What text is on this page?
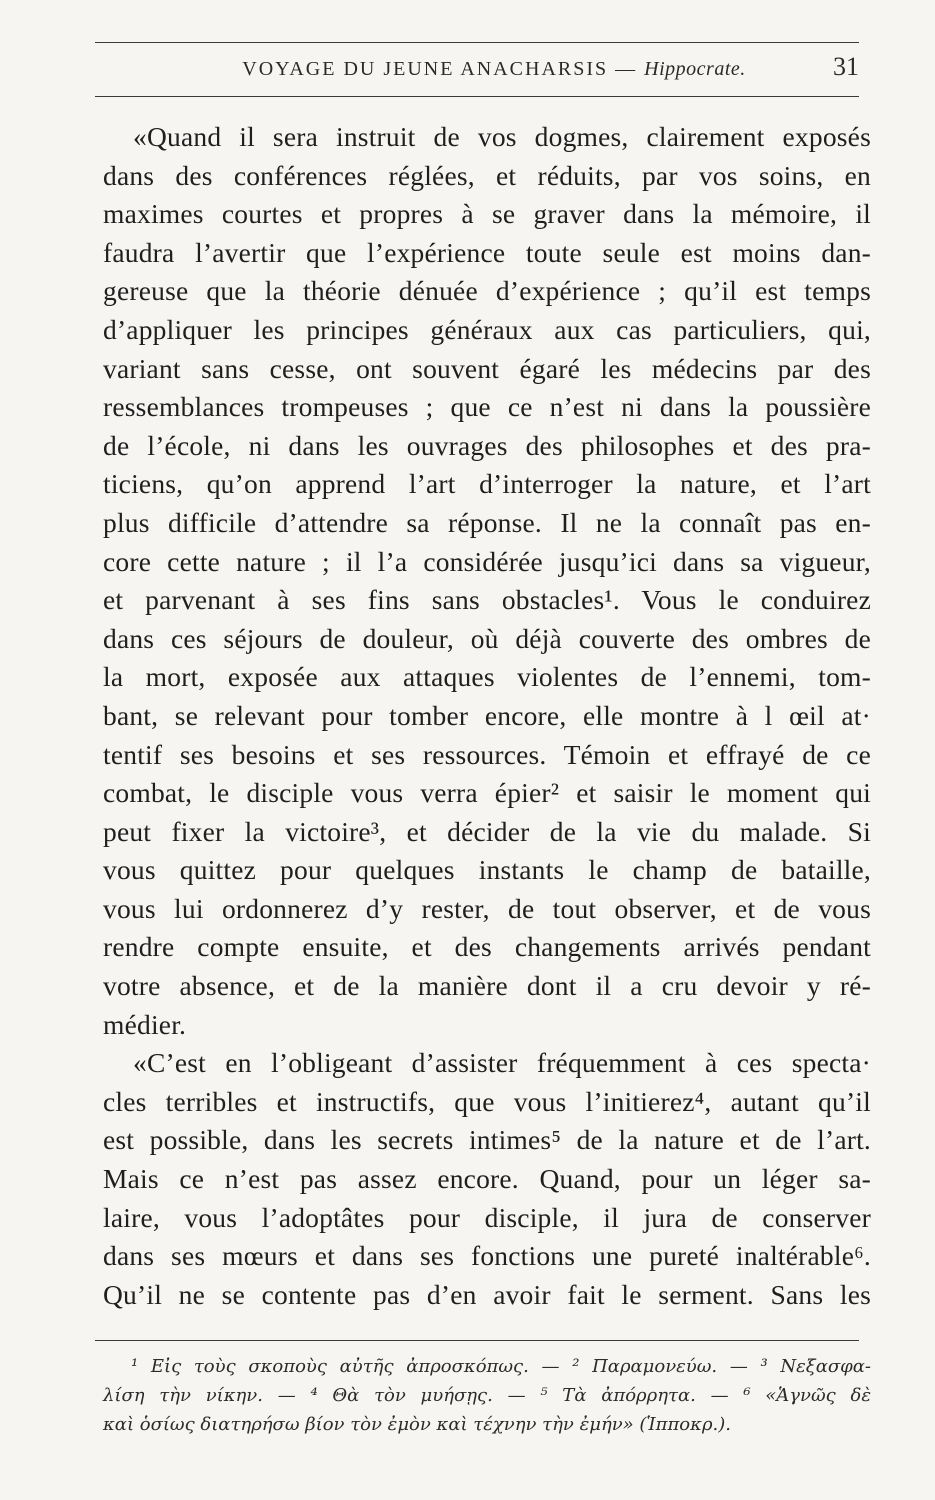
VOYAGE DU JEUNE ANACHARSIS — Hippocrate.	31
«Quand il sera instruit de vos dogmes, clairement exposés
dans des conférences réglées, et réduits, par vos soins, en
maximes courtes et propres à se graver dans la mémoire, il
faudra l’avertir que l’expérience toute seule est moins dan-
gereuse que la théorie dénuée d’expérience ; qu’il est temps
d’appliquer les principes généraux aux cas particuliers, qui,
variant sans cesse, ont souvent égaré les médecins par des
ressemblances trompeuses ; que ce n’est ni dans la poussière
de l’école, ni dans les ouvrages des philosophes et des pra-
ticiens, qu’on apprend l’art d’interroger la nature, et l’art
plus difficile d’attendre sa réponse. Il ne la connaît pas en-
core cette nature ; il l’a considérée jusqu’ici dans sa vigueur,
et parvenant à ses fins sans obstacles¹. Vous le conduirez
dans ces séjours de douleur, où déjà couverte des ombres de
la mort, exposée aux attaques violentes de l’ennemi, tom-
bant, se relevant pour tomber encore, elle montre à l œil at·
tentif ses besoins et ses ressources. Témoin et effrayé de ce
combat, le disciple vous verra épier² et saisir le moment qui
peut fixer la victoire³, et décider de la vie du malade. Si
vous quittez pour quelques instants le champ de bataille,
vous lui ordonnerez d’y rester, de tout observer, et de vous
rendre compte ensuite, et des changements arrivés pendant
votre absence, et de la manière dont il a cru devoir y ré-
médier.
«C’est en l’obligeant d’assister fréquemment à ces specta·
cles terribles et instructifs, que vous l’initierez⁴, autant qu’il
est possible, dans les secrets intimes⁵ de la nature et de l’art.
Mais ce n’est pas assez encore. Quand, pour un léger sa-
laire, vous l’adoptâtes pour disciple, il jura de conserver
dans ses mœurs et dans ses fonctions une pureté inaltérable⁶.
Qu’il ne se contente pas d’en avoir fait le serment. Sans les
¹ Εἰς τοὺς σκοποὺς αὐτῆς ἀπροσκόπως. — ² Παραμονεύω. — ³ Νεξασφα-
λίση τὴν νίκην. — ⁴ Θὰ τὸν μυήσῃς. — ⁵ Τὰ ἀπόρρητα. — ⁶ «Ἁγνῶς δὲ
καὶ ὁσίως διατηρήσω βίον τὸν ἐμὸν καὶ τέχνην τὴν ἐμήν» (Ἱπποκρ.).
